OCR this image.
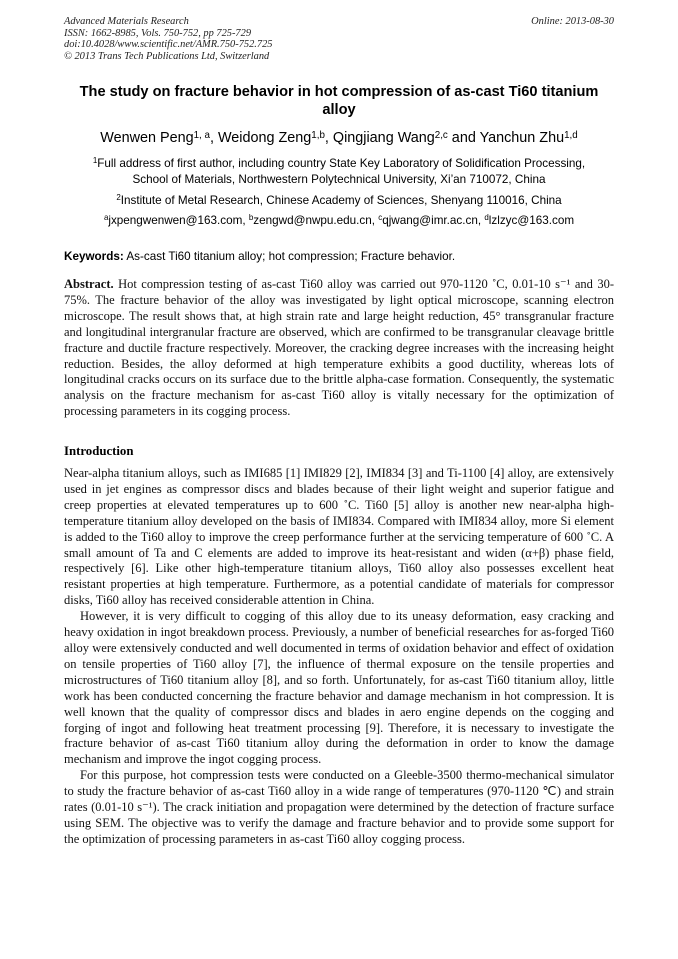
Advanced Materials Research
ISSN: 1662-8985, Vols. 750-752, pp 725-729
doi:10.4028/www.scientific.net/AMR.750-752.725
© 2013 Trans Tech Publications Ltd, Switzerland
Online: 2013-08-30
The study on fracture behavior in hot compression of as-cast Ti60 titanium alloy
Wenwen Peng$^{1, a}$, Weidong Zeng$^{1,b}$, Qingjiang Wang$^{2,c}$ and Yanchun Zhu$^{1,d}$
$^1$Full address of first author, including country State Key Laboratory of Solidification Processing,
School of Materials, Northwestern Polytechnical University, Xi’an 710072, China
$^2$Institute of Metal Research, Chinese Academy of Sciences, Shenyang 110016, China
$^a$jxpengwenwen@163.com, $^b$zengwd@nwpu.edu.cn, $^c$qjwang@imr.ac.cn, $^d$lzlzyc@163.com
Keywords: As-cast Ti60 titanium alloy; hot compression; Fracture behavior.

Abstract. Hot compression testing of as-cast Ti60 alloy was carried out 970-1120 ˚C, 0.01-10 s⁻¹ and 30-75%. The fracture behavior of the alloy was investigated by light optical microscope, scanning electron microscope. The result shows that, at high strain rate and large height reduction, 45° transgranular fracture and longitudinal intergranular fracture are observed, which are confirmed to be transgranular cleavage brittle fracture and ductile fracture respectively. Moreover, the cracking degree increases with the increasing height reduction. Besides, the alloy deformed at high temperature exhibits a good ductility, whereas lots of longitudinal cracks occurs on its surface due to the brittle alpha-case formation. Consequently, the systematic analysis on the fracture mechanism for as-cast Ti60 alloy is vitally necessary for the optimization of processing parameters in its cogging process.

Introduction

Near-alpha titanium alloys, such as IMI685 [1] IMI829 [2], IMI834 [3] and Ti-1100 [4] alloy, are extensively used in jet engines as compressor discs and blades because of their light weight and superior fatigue and creep properties at elevated temperatures up to 600 ˚C. Ti60 [5] alloy is another new near-alpha high-temperature titanium alloy developed on the basis of IMI834. Compared with IMI834 alloy, more Si element is added to the Ti60 alloy to improve the creep performance further at the servicing temperature of 600 ˚C. A small amount of Ta and C elements are added to improve its heat-resistant and widen (α+β) phase field, respectively [6]. Like other high-temperature titanium alloys, Ti60 alloy also possesses excellent heat resistant properties at high temperature. Furthermore, as a potential candidate of materials for compressor disks, Ti60 alloy has received considerable attention in China.

However, it is very difficult to cogging of this alloy due to its uneasy deformation, easy cracking and heavy oxidation in ingot breakdown process. Previously, a number of beneficial researches for as-forged Ti60 alloy were extensively conducted and well documented in terms of oxidation behavior and effect of oxidation on tensile properties of Ti60 alloy [7], the influence of thermal exposure on the tensile properties and microstructures of Ti60 titanium alloy [8], and so forth. Unfortunately, for as-cast Ti60 titanium alloy, little work has been conducted concerning the fracture behavior and damage mechanism in hot compression. It is well known that the quality of compressor discs and blades in aero engine depends on the cogging and forging of ingot and following heat treatment processing [9]. Therefore, it is necessary to investigate the fracture behavior of as-cast Ti60 titanium alloy during the deformation in order to know the damage mechanism and improve the ingot cogging process.

For this purpose, hot compression tests were conducted on a Gleeble-3500 thermo-mechanical simulator to study the fracture behavior of as-cast Ti60 alloy in a wide range of temperatures (970-1120 ℃) and strain rates (0.01-10 s⁻¹). The crack initiation and propagation were determined by the detection of fracture surface using SEM. The objective was to verify the damage and fracture behavior and to provide some support for the optimization of processing parameters in as-cast Ti60 alloy cogging process.
